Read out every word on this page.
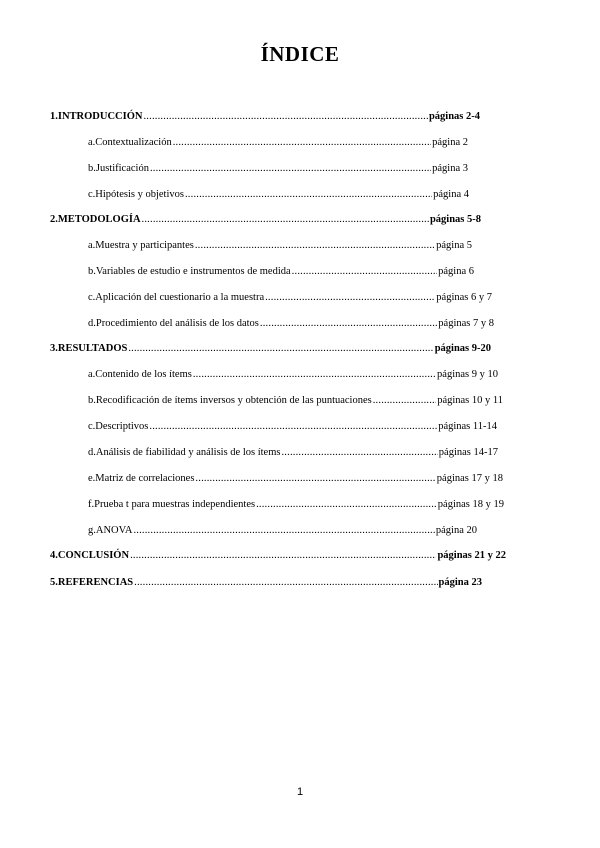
ÍNDICE
1. INTRODUCCIÓN .....	páginas 2-4
a. Contextualización .....	página 2
b. Justificación .....	página 3
c. Hipótesis y objetivos .....	página 4
2. METODOLOGÍA .....	páginas 5-8
a. Muestra y participantes .....	página 5
b. Variables de estudio e instrumentos de medida .....	página 6
c. Aplicación del cuestionario a la muestra .....	páginas 6 y 7
d. Procedimiento del análisis de los datos .....	páginas 7 y 8
3. RESULTADOS .....	páginas 9-20
a. Contenido de los ítems .....	páginas 9 y 10
b. Recodificación de ítems inversos y obtención de las puntuaciones .....	páginas 10 y 11
c. Descriptivos .....	páginas 11-14
d. Análisis de fiabilidad y análisis de los ítems .....	páginas 14-17
e. Matriz de correlaciones .....	páginas 17 y 18
f. Prueba t para muestras independientes .....	páginas 18 y 19
g. ANOVA .....	página 20
4. CONCLUSIÓN .....	páginas 21 y 22
5. REFERENCIAS .....	página 23
1
